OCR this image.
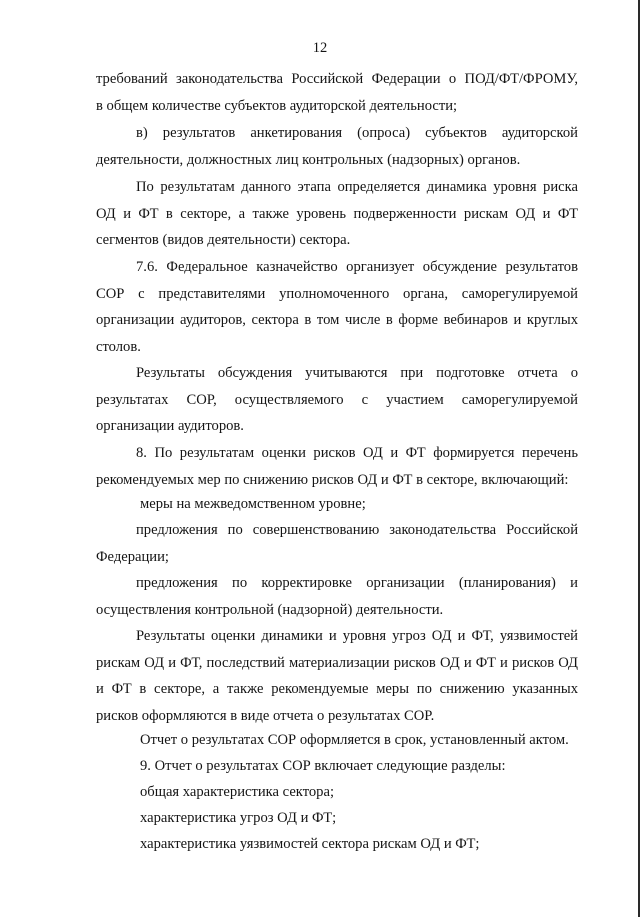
12
требований законодательства Российской Федерации о ПОД/ФТ/ФРОМУ,
в общем количестве субъектов аудиторской деятельности;
в) результатов анкетирования (опроса) субъектов аудиторской деятельности, должностных лиц контрольных (надзорных) органов.
По результатам данного этапа определяется динамика уровня риска ОД и ФТ в секторе, а также уровень подверженности рискам ОД и ФТ сегментов (видов деятельности) сектора.
7.6. Федеральное казначейство организует обсуждение результатов СОР с представителями уполномоченного органа, саморегулируемой организации аудиторов, сектора в том числе в форме вебинаров и круглых столов.
Результаты обсуждения учитываются при подготовке отчета о результатах СОР, осуществляемого с участием саморегулируемой организации аудиторов.
8. По результатам оценки рисков ОД и ФТ формируется перечень рекомендуемых мер по снижению рисков ОД и ФТ в секторе, включающий:
меры на межведомственном уровне;
предложения по совершенствованию законодательства Российской Федерации;
предложения по корректировке организации (планирования) и осуществления контрольной (надзорной) деятельности.
Результаты оценки динамики и уровня угроз ОД и ФТ, уязвимостей рискам ОД и ФТ, последствий материализации рисков ОД и ФТ и рисков ОД и ФТ в секторе, а также рекомендуемые меры по снижению указанных рисков оформляются в виде отчета о результатах СОР.
Отчет о результатах СОР оформляется в срок, установленный актом.
9. Отчет о результатах СОР включает следующие разделы:
общая характеристика сектора;
характеристика угроз ОД и ФТ;
характеристика уязвимостей сектора рискам ОД и ФТ;
